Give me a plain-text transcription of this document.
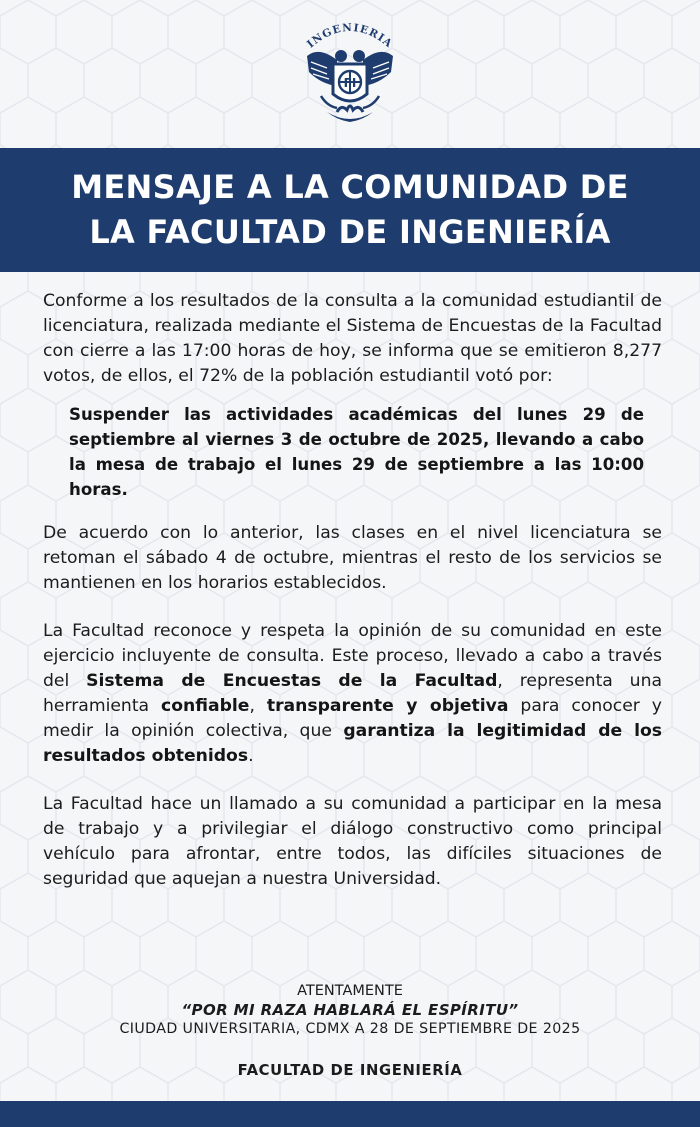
INGENIERIA
FI
MENSAJE A LA COMUNIDAD DE
LA FACULTAD DE INGENIERÍA

Conforme a los resultados de la consulta a la comunidad estudiantil de licenciatura, realizada mediante el Sistema de Encuestas de la Facultad con cierre a las 17:00 horas de hoy, se informa que se emitieron 8,277 votos, de ellos, el 72% de la población estudiantil votó por:

Suspender las actividades académicas del lunes 29 de septiembre al viernes 3 de octubre de 2025, llevando a cabo la mesa de trabajo el lunes 29 de septiembre a las 10:00 horas.

De acuerdo con lo anterior, las clases en el nivel licenciatura se retoman el sábado 4 de octubre, mientras el resto de los servicios se mantienen en los horarios establecidos.

La Facultad reconoce y respeta la opinión de su comunidad en este ejercicio incluyente de consulta. Este proceso, llevado a cabo a través del Sistema de Encuestas de la Facultad, representa una herramienta confiable, transparente y objetiva para conocer y medir la opinión colectiva, que garantiza la legitimidad de los resultados obtenidos.

La Facultad hace un llamado a su comunidad a participar en la mesa de trabajo y a privilegiar el diálogo constructivo como principal vehículo para afrontar, entre todos, las difíciles situaciones de seguridad que aquejan a nuestra Universidad.

ATENTAMENTE
“POR MI RAZA HABLARÁ EL ESPÍRITU”
CIUDAD UNIVERSITARIA, CDMX A 28 DE SEPTIEMBRE DE 2025
FACULTAD DE INGENIERÍA
